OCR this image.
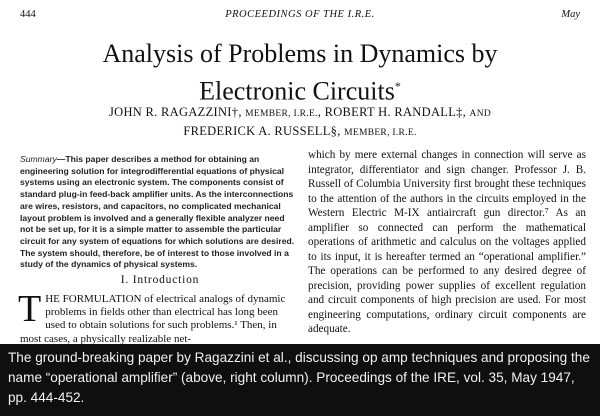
444	PROCEEDINGS OF THE I.R.E.	May
Analysis of Problems in Dynamics by
Electronic Circuits*
JOHN R. RAGAZZINI†, MEMBER, I.R.E., ROBERT H. RANDALL‡, AND
FREDERICK A. RUSSELL§, MEMBER, I.R.E.
Summary—This paper describes a method for obtaining an engineering solution for integrodifferential equations of physical systems using an electronic system. The components consist of standard plug-in feed-back amplifier units. As the interconnections are wires, resistors, and capacitors, no complicated mechanical layout problem is involved and a generally flexible analyzer need not be set up, for it is a simple matter to assemble the particular circuit for any system of equations for which solutions are desired. The system should, therefore, be of interest to those involved in a study of the dynamics of physical systems.
I. Introduction
THE FORMULATION of electrical analogs of dynamic problems in fields other than electrical has long been used to obtain solutions for such problems.¹ Then, in most cases, a physically realizable net-
which by mere external changes in connection will serve as integrator, differentiator and sign changer. Professor J. B. Russell of Columbia University first brought these techniques to the attention of the authors in the circuits employed in the Western Electric M-IX antiaircraft gun director.⁷ As an amplifier so connected can perform the mathematical operations of arithmetic and calculus on the voltages applied to its input, it is hereafter termed an “operational amplifier.” The operations can be performed to any desired degree of precision, providing power supplies of excellent regulation and circuit components of high precision are used. For most engineering computations, ordinary circuit components are adequate.
The ground-breaking paper by Ragazzini et al., discussing op amp techniques and proposing the name “operational amplifier” (above, right column). Proceedings of the IRE, vol. 35, May 1947, pp. 444-452.
